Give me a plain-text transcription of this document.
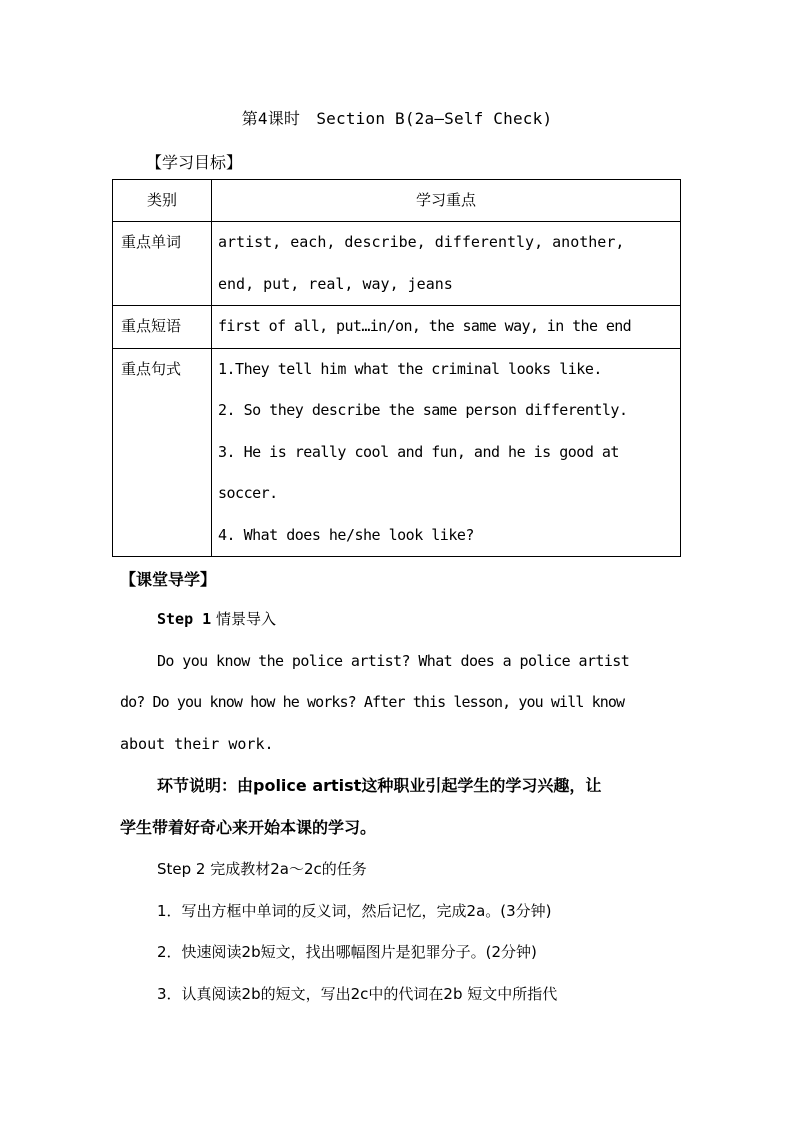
第4课时　Section B(2a—Self Check)
【学习目标】
类别	学习重点
重点单词	artist, each, describe, differently, another,
end, put, real, way, jeans

重点短语	first of all, put…in/on, the same way, in the end

重点句式	1.They tell him what the criminal looks like.
2. So they describe the same person differently.
3. He is really cool and fun, and he is good at
soccer.
4. What does he/she look like?
【课堂导学】
Step 1 情景导入
Do you know the police artist? What does a police artist
do? Do you know how he works? After this lesson, you will know
about their work.
环节说明：由police artist这种职业引起学生的学习兴趣，让
学生带着好奇心来开始本课的学习。
Step 2 完成教材2a～2c的任务
1．写出方框中单词的反义词，然后记忆，完成2a。(3分钟)
2．快速阅读2b短文，找出哪幅图片是犯罪分子。(2分钟)
3．认真阅读2b的短文，写出2c中的代词在2b 短文中所指代
